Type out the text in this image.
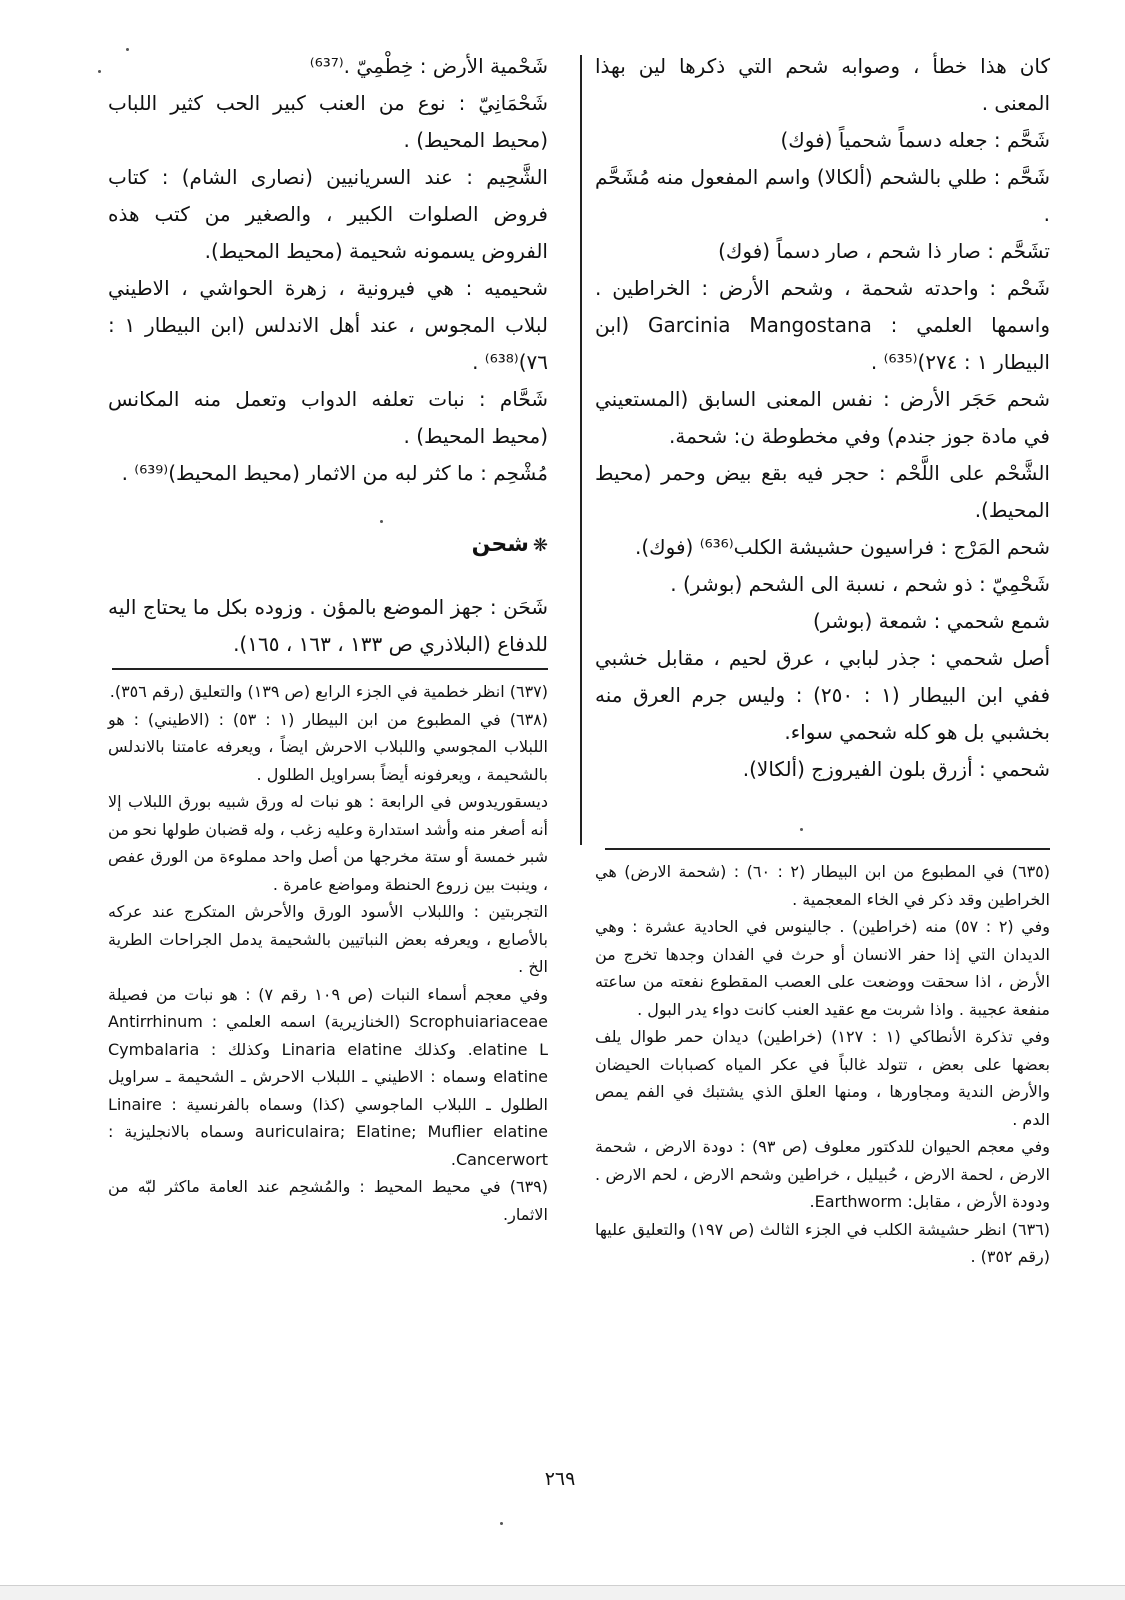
كان هذا خطأ ، وصوابه شحم التي ذكرها لين بهذا المعنى .

شَحَّم : جعله دسماً شحمياً (فوك)

شَحَّم : طلي بالشحم (ألكالا) واسم المفعول منه مُشَحَّم .

تشَحَّم : صار ذا شحم ، صار دسماً (فوك)

شَحْم : واحدته شحمة ، وشحم الأرض : الخراطين . واسمها العلمي : Garcinia Mangostana (ابن البيطار ١ : ٢٧٤)⁽⁶³⁵⁾ .

شحم حَجَر الأرض : نفس المعنى السابق (المستعيني في مادة جوز جندم) وفي مخطوطة ن: شحمة.

الشَّحْم على اللَّحْم : حجر فيه بقع بيض وحمر (محيط المحيط).

شحم المَرْج : فراسيون حشيشة الكلب⁽⁶³⁶⁾ (فوك).

شَحْمِيّ : ذو شحم ، نسبة الى الشحم (بوشر) .

شمع شحمي : شمعة (بوشر)

أصل شحمي : جذر لبابي ، عرق لحيم ، مقابل خشبي ففي ابن البيطار (١ : ٢٥٠) : وليس جرم العرق منه بخشبي بل هو كله شحمي سواء.

شحمي : أزرق بلون الفيروزج (ألكالا).

(٦٣٥) في المطبوع من ابن البيطار (٢ : ٦٠) : (شحمة الارض) هي الخراطين وقد ذكر في الخاء المعجمية .

وفي (٢ : ٥٧) منه (خراطين) . جالينوس في الحادية عشرة : وهي الديدان التي إذا حفر الانسان أو حرث في الفدان وجدها تخرج من الأرض ، اذا سحقت ووضعت على العصب المقطوع نفعته من ساعته منفعة عجيبة . واذا شربت مع عقيد العنب كانت دواء يدر البول .

وفي تذكرة الأنطاكي (١ : ١٢٧) (خراطين) ديدان حمر طوال يلف بعضها على بعض ، تتولد غالباً في عكر المياه كصبابات الحيضان والأرض الندية ومجاورها ، ومنها العلق الذي يشتبك في الفم يمص الدم .

وفي معجم الحيوان للدكتور معلوف (ص ٩٣) : دودة الارض ، شحمة الارض ، لحمة الارض ، حُبيليل ، خراطين وشحم الارض ، لحم الارض . ودودة الأرض ، مقابل: Earthworm.

(٦٣٦) انظر حشيشة الكلب في الجزء الثالث (ص ١٩٧) والتعليق عليها (رقم ٣٥٢) .

شَحْمية الأرض : خِطْمِيّ .⁽⁶³⁷⁾

شَحْمَانِيّ : نوع من العنب كبير الحب كثير اللباب (محيط المحيط) .

الشَّحِيم : عند السريانيين (نصارى الشام) : كتاب فروض الصلوات الكبير ، والصغير من كتب هذه الفروض يسمونه شحيمة (محيط المحيط).

شحيميه : هي فيرونية ، زهرة الحواشي ، الاطيني لبلاب المجوس ، عند أهل الاندلس (ابن البيطار ١ : ٧٦)⁽⁶³⁸⁾ .

شَحَّام : نبات تعلفه الدواب وتعمل منه المكانس (محيط المحيط) .

مُشْحِم : ما كثر لبه من الاثمار (محيط المحيط)⁽⁶³⁹⁾ .

❋شحن

شَحَن : جهز الموضع بالمؤن . وزوده بكل ما يحتاج اليه للدفاع (البلاذري ص ١٣٣ ، ١٦٣ ، ١٦٥).

(٦٣٧) انظر خطمية في الجزء الرابع (ص ١٣٩) والتعليق (رقم ٣٥٦).

(٦٣٨) في المطبوع من ابن البيطار (١ : ٥٣) : (الاطيني) : هو اللبلاب المجوسي واللبلاب الاحرش ايضاً ، ويعرفه عامتنا بالاندلس بالشحيمة ، ويعرفونه أيضاً بسراويل الطلول .

ديسقوريدوس في الرابعة : هو نبات له ورق شبيه بورق اللبلاب إلا أنه أصغر منه وأشد استدارة وعليه زغب ، وله قضبان طولها نحو من شبر خمسة أو ستة مخرجها من أصل واحد مملوءة من الورق عفص ، وينبت بين زروع الحنطة ومواضع عامرة .

التجربتين : واللبلاب الأسود الورق والأحرش المتكرج عند عركه بالأصابع ، ويعرفه بعض النباتيين بالشحيمة يدمل الجراحات الطرية الخ .

وفي معجم أسماء النبات (ص ١٠٩ رقم ٧) : هو نبات من فصيلة Scrophuiariaceae (الخنازيرية) اسمه العلمي : Antirrhinum elatine L. وكذلك Linaria elatine وكذلك : Cymbalaria elatine وسماه : الاطيني ـ اللبلاب الاحرش ـ الشحيمة ـ سراويل الطلول ـ اللبلاب الماجوسي (كذا) وسماه بالفرنسية : Linaire auriculaira; Elatine; Muflier elatine وسماه بالانجليزية : Cancerwort.

(٦٣٩) في محيط المحيط : والمُشحِم عند العامة ماكثر لبّه من الاثمار.

٢٦٩
